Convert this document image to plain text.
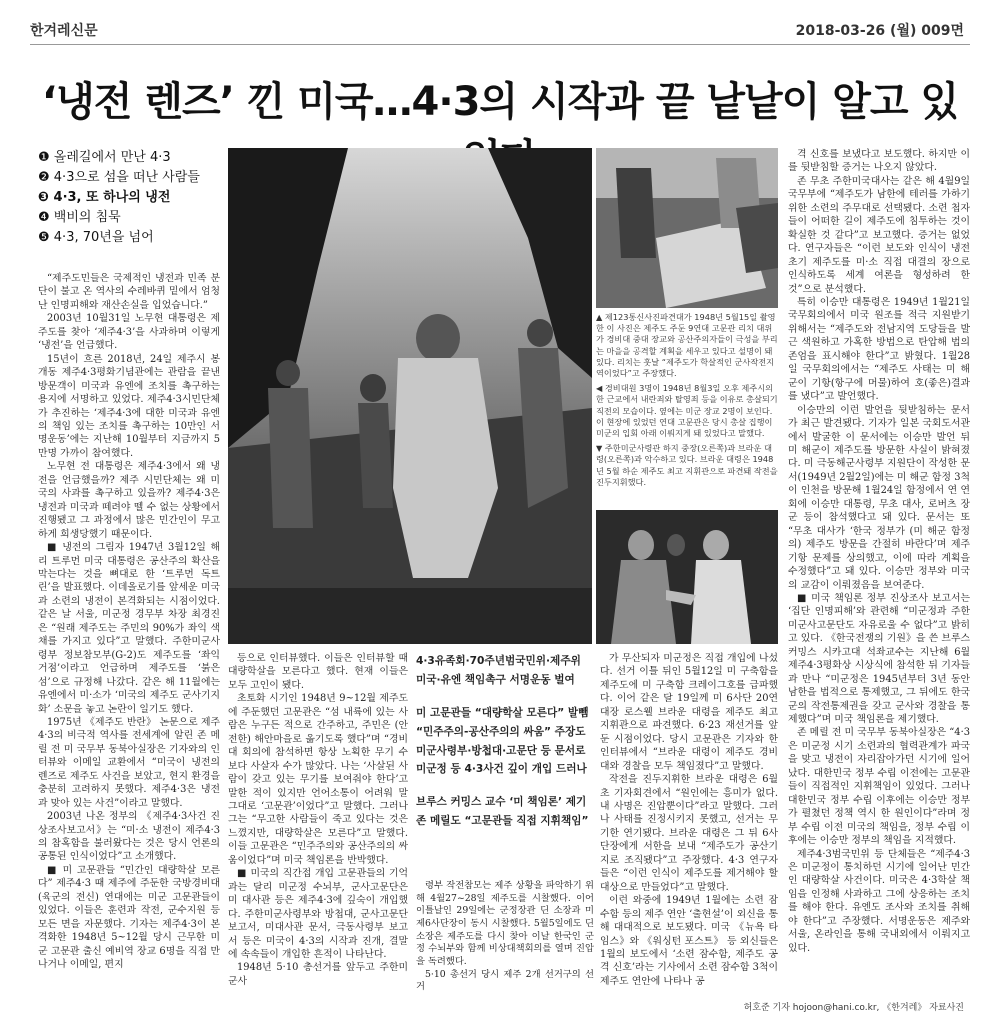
한겨레신문	2018-03-26 (월) 009면
‘냉전 렌즈’ 낀 미국…4·3의 시작과 끝 낱낱이 알고 있
❶ 올레길에서 만난 4·3
❷ 4·3으로 섬을 떠난 사람들
❸ 4·3, 또 하나의 냉전
❹ 백비의 침묵
❺ 4·3, 70년을 넘어

▲ 제123통신사진파견대가 1948년 5월15일 촬영한 이 사진은 제주도 주둔 9연대 고문관 리치 대위가 경비대 중대 장교와 공산주의자들이 극성을 부리는 마을을 공격할 계획을 세우고 있다고 설명이 돼 있다. 리치는 훗날 “제주도가 학살적인 군사작전지역이었다”고 주장했다.

◀ 경비대원 3명이 1948년 8월3일 오후 제주시의 한 근교에서 내란죄와 탈영죄 등을 이유로 총살되기 직전의 모습이다. 옆에는 미군 장교 2명이 보인다. 이 현장에 있었던 연대 고문관은 당시 총살 집행이 미군의 입회 아래 이뤄지게 돼 있었다고 말했다.

▼ 주한미군사령관 하지 중장(오른쪽)과 브라운 대령(오른쪽)과 악수하고 있다. 브라운 대령은 1948년 5월 하순 제주도 최고 지휘관으로 파견돼 작전을 진두지휘했다.

“제주도민들은 국제적인 냉전과 민족 분단이 불고 온 역사의 수레바퀴 밑에서 엄청난 인명피해와 재산손실을 입었습니다.”

2003년 10월31일 노무현 대통령은 제주도를 찾아 ‘제주4·3’을 사과하며 이렇게 ‘냉전’을 언급했다.

15년이 흐른 2018년, 24일 제주시 봉개동 제주4·3평화기념관에는 관람을 끝낸 방문객이 미국과 유엔에 조치를 촉구하는 용지에 서명하고 있었다. 제주4·3시민단체가 추진하는 ‘제주4·3에 대한 미국과 유엔의 책임 있는 조치를 촉구하는 10만인 서명운동’에는 지난해 10월부터 지금까지 5만명 가까이 참여했다.

노무현 전 대통령은 제주4·3에서 왜 냉전을 언급했을까? 제주 시민단체는 왜 미국의 사과를 촉구하고 있을까? 제주4·3은 냉전과 미국과 떼려야 뗄 수 없는 상황에서 진행됐고 그 과정에서 많은 민간인이 무고하게 희생당했기 때문이다.

■ 냉전의 그림자 1947년 3월12일 해리 트루먼 미국 대통령은 공산주의 확산을 막는다는 것을 뼈대로 한 ‘트루먼 독트린’을 발표했다. 이데올로기를 앞세운 미국과 소련의 냉전이 본격화되는 시점이었다. 같은 날 서울, 미군정 경무부 차장 최경진은 “원래 제주도는 주민의 90%가 좌익 색채를 가지고 있다”고 말했다. 주한미군사령부 정보참모부(G-2)도 제주도를 ‘좌익 거점’이라고 언급하며 제주도를 ‘붉은 섬’으로 규정해 나갔다. 같은 해 11월에는 유엔에서 미·소가 ‘미국의 제주도 군사기지화’ 소문을 놓고 논란이 일기도 했다.

1975년 《제주도 반란》 논문으로 제주4·3의 비극적 역사를 전세계에 알린 존 메릴 전 미 국무부 동북아실장은 기자와의 인터뷰와 이메일 교환에서 “미국이 냉전의 렌즈로 제주도 사건을 보았고, 현지 환경을 충분히 고려하지 못했다. 제주4·3은 냉전과 맞아 있는 사건”이라고 말했다.

2003년 나온 정부의 《제주4·3사건 진상조사보고서》는 “미·소 냉전이 제주4·3의 참혹함을 불러왔다는 것은 당시 언론의 공통된 인식이었다”고 소개했다.

■ 미 고문관들 “민간인 대량학살 모른다” 제주4·3 때 제주에 주둔한 국방경비대(육군의 전신) 연대에는 미군 고문관들이 있었다. 이들은 훈련과 작전, 군수지원 등 모든 면을 자문했다. 기자는 제주4·3이 본격화한 1948년 5~12월 당시 근무한 미군 고문관 출신 예비역 장교 6명을 직접 만나거나 이메일, 편지

등으로 인터뷰했다. 이들은 인터뷰할 때 대량학살을 모른다고 했다. 현재 이들은 모두 고인이 됐다.

초토화 시기인 1948년 9~12월 제주도에 주둔했던 고문관은 “섬 내륙에 있는 사람은 누구든 적으로 간주하고, 주민은 (안전한) 해안마을로 옮기도록 했다”며 “경비대 회의에 참석하면 항상 노획한 무기 수보다 사살자 수가 많았다. 나는 ‘사살된 사람이 갖고 있는 무기를 보여줘야 한다’고 말한 적이 있지만 언어소통이 어려워 말 그대로 ‘고문관’이었다”고 말했다. 그러나 그는 “무고한 사람들이 죽고 있다는 것은 느꼈지만, 대량학살은 모른다”고 말했다. 이들 고문관은 “민주주의와 공산주의의 싸움이었다”며 미국 책임론을 반박했다.

■ 미국의 직간접 개입 고문관들의 기억과는 달리 미군정 수뇌부, 군사고문단은 미 대사관 등은 제주4·3에 깊숙이 개입했다. 주한미군사령부와 방첩대, 군사고문단 보고서, 미대사관 문서, 극동사령부 보고서 등은 미국이 4·3의 시작과 진개, 결말에 속속들이 개입한 흔적이 나타난다.

1948년 5·10 총선거를 앞두고 주한미군사

4·3유족회·70주년범국민위·제주위 미국·유엔 책임촉구 서명운동 벌여

미 고문관들 “대량학살 모른다” 발뺌 “민주주의-공산주의의 싸움” 주장도 미군사령부·방첩대·고문단 등 문서로 미군정 등 4·3사건 깊이 개입 드러나

브루스 커밍스 교수 ‘미 책임론’ 제기 존 메릴도 “고문관들 직접 지휘책임”

령부 작전참모는 제주 상황을 파악하기 위해 4월27~28일 제주도를 시찰했다. 이어 이틀날인 29일에는 군정장관 딘 소장과 미 제6사단장이 동시 시찰했다. 5월5일에도 딘 소장은 제주도를 다시 찾아 이날 한국인 군정 수뇌부와 함께 비상대책회의를 열며 진압을 독려했다.

5·10 총선거 당시 제주 2개 선거구의 선거

가 무산되자 미군정은 직접 개입에 나섰다. 선거 이틀 뒤인 5월12일 미 구축함을 제주도에 미 구축함 크레이그호를 급파했다. 이어 같은 달 19일께 미 6사단 20연대장 로스웰 브라운 대령을 제주도 최고 지휘관으로 파견했다. 6·23 재선거를 앞둔 시점이었다. 당시 고문관은 기자와 한 인터뷰에서 “브라운 대령이 제주도 경비대와 경찰을 모두 책임졌다”고 말했다.

작전을 진두지휘한 브라운 대령은 6월 초 기자회견에서 “원인에는 흥미가 없다. 내 사명은 진압뿐이다”라고 말했다. 그러나 사태를 진정시키지 못했고, 선거는 무기한 연기됐다. 브라운 대령은 그 뒤 6사단장에게 서한을 보내 “제주도가 공산기지로 조직됐다”고 주장했다. 4·3 연구자들은 “이런 인식이 제주도를 제거해야 할 대상으로 만들었다”고 말했다.

이런 와중에 1949년 1월에는 소련 잠수함 등의 제주 연안 ‘출현설’이 외신을 통해 대대적으로 보도됐다. 미국 《뉴욕 타임스》와 《워싱턴 포스트》 등 외신들은 1월의 보도에서 ‘소련 잠수함, 제주도 공격 신호’라는 기사에서 소련 잠수함 3척이 제주도 연안에 나타나 공

격 신호를 보냈다고 보도했다. 하지만 이를 뒷받침할 증거는 나오지 않았다.

존 무초 주한미국대사는 같은 해 4월9일 국무부에 “제주도가 남한에 테러를 가하기 위한 소련의 주무대로 선택됐다. 소련 첩자들이 어떠한 길이 제주도에 침투하는 것이 확실한 것 같다”고 보고했다. 증거는 없었다. 연구자들은 “이런 보도와 인식이 냉전 초기 제주도를 미·소 직접 대결의 장으로 인식하도록 세계 여론을 형성하려 한 것”으로 분석했다.

특히 이승만 대통령은 1949년 1월21일 국무회의에서 미국 원조를 적극 지원받기 위해서는 “제주도와 전남지역 도당들을 발근 색원하고 가혹한 방법으로 탄압해 법의 존엄을 표시해야 한다”고 밝혔다. 1월28일 국무회의에서는 “제주도 사태는 미 해군이 기항(항구에 머물)하여 호(좋은)결과를 냈다”고 발언했다.

이승만의 이런 발언을 뒷받침하는 문서가 최근 발견됐다. 기자가 일본 국회도서관에서 발굴한 이 문서에는 이승만 발언 뒤 미 해군이 제주도를 방문한 사실이 밝혀졌다. 미 극동해군사령부 지원단이 작성한 문서(1949년 2월2일)에는 미 해군 함정 3척이 인천을 방문해 1월24일 함정에서 연 연회에 이승만 대통령, 무초 대사, 로버츠 장군 등이 참석했다고 돼 있다. 문서는 또 “무초 대사가 ‘한국 정부가 (미 해군 함정의) 제주도 방문을 간절히 바란다’며 제주 기항 문제를 상의했고, 이에 따라 계획을 수정했다”고 돼 있다. 이승만 정부와 미국의 교감이 이뤄졌음을 보여준다.

■ 미국 책임론 정부 진상조사 보고서는 ‘집단 인명피해’와 관련해 “미군정과 주한 미군사고문단도 자유로울 수 없다”고 밝히고 있다. 《한국전쟁의 기원》을 쓴 브루스 커밍스 시카고대 석좌교수는 지난해 6월 제주4·3평화상 시상식에 참석한 뒤 기자들과 만나 “미군정은 1945년부터 3년 동안 남한을 법적으로 통제했고, 그 뒤에도 한국군의 작전통제권을 갖고 군사와 경찰을 통제했다”며 미국 책임론을 제기했다.

존 메릴 전 미 국무부 동북아실장은 “4·3은 미군정 시기 소련과의 협력관계가 파국을 맞고 냉전이 자리잡아가던 시기에 일어났다. 대한민국 정부 수립 이전에는 고문관들이 직접적인 지휘책임이 있었다. 그러나 대한민국 정부 수립 이후에는 이승만 정부가 펼쳤던 정책 역시 한 원인이다”라며 정부 수립 이전 미국의 책임을, 정부 수립 이후에는 이승만 정부의 책임을 지적했다.

제주4·3범국민위 등 단체들은 “제주4·3은 미군정이 통치하던 시기에 일어난 민간인 대량학살 사건이다. 미국은 4·3학살 책임을 인정해 사과하고 그에 상응하는 조치를 해야 한다. 유엔도 조사와 조치를 취해야 한다”고 주장했다. 서명운동은 제주와 서울, 온라인을 통해 국내외에서 이뤄지고 있다.

허호준 기자 hojoon@hani.co.kr, 《한겨레》 자료사진
